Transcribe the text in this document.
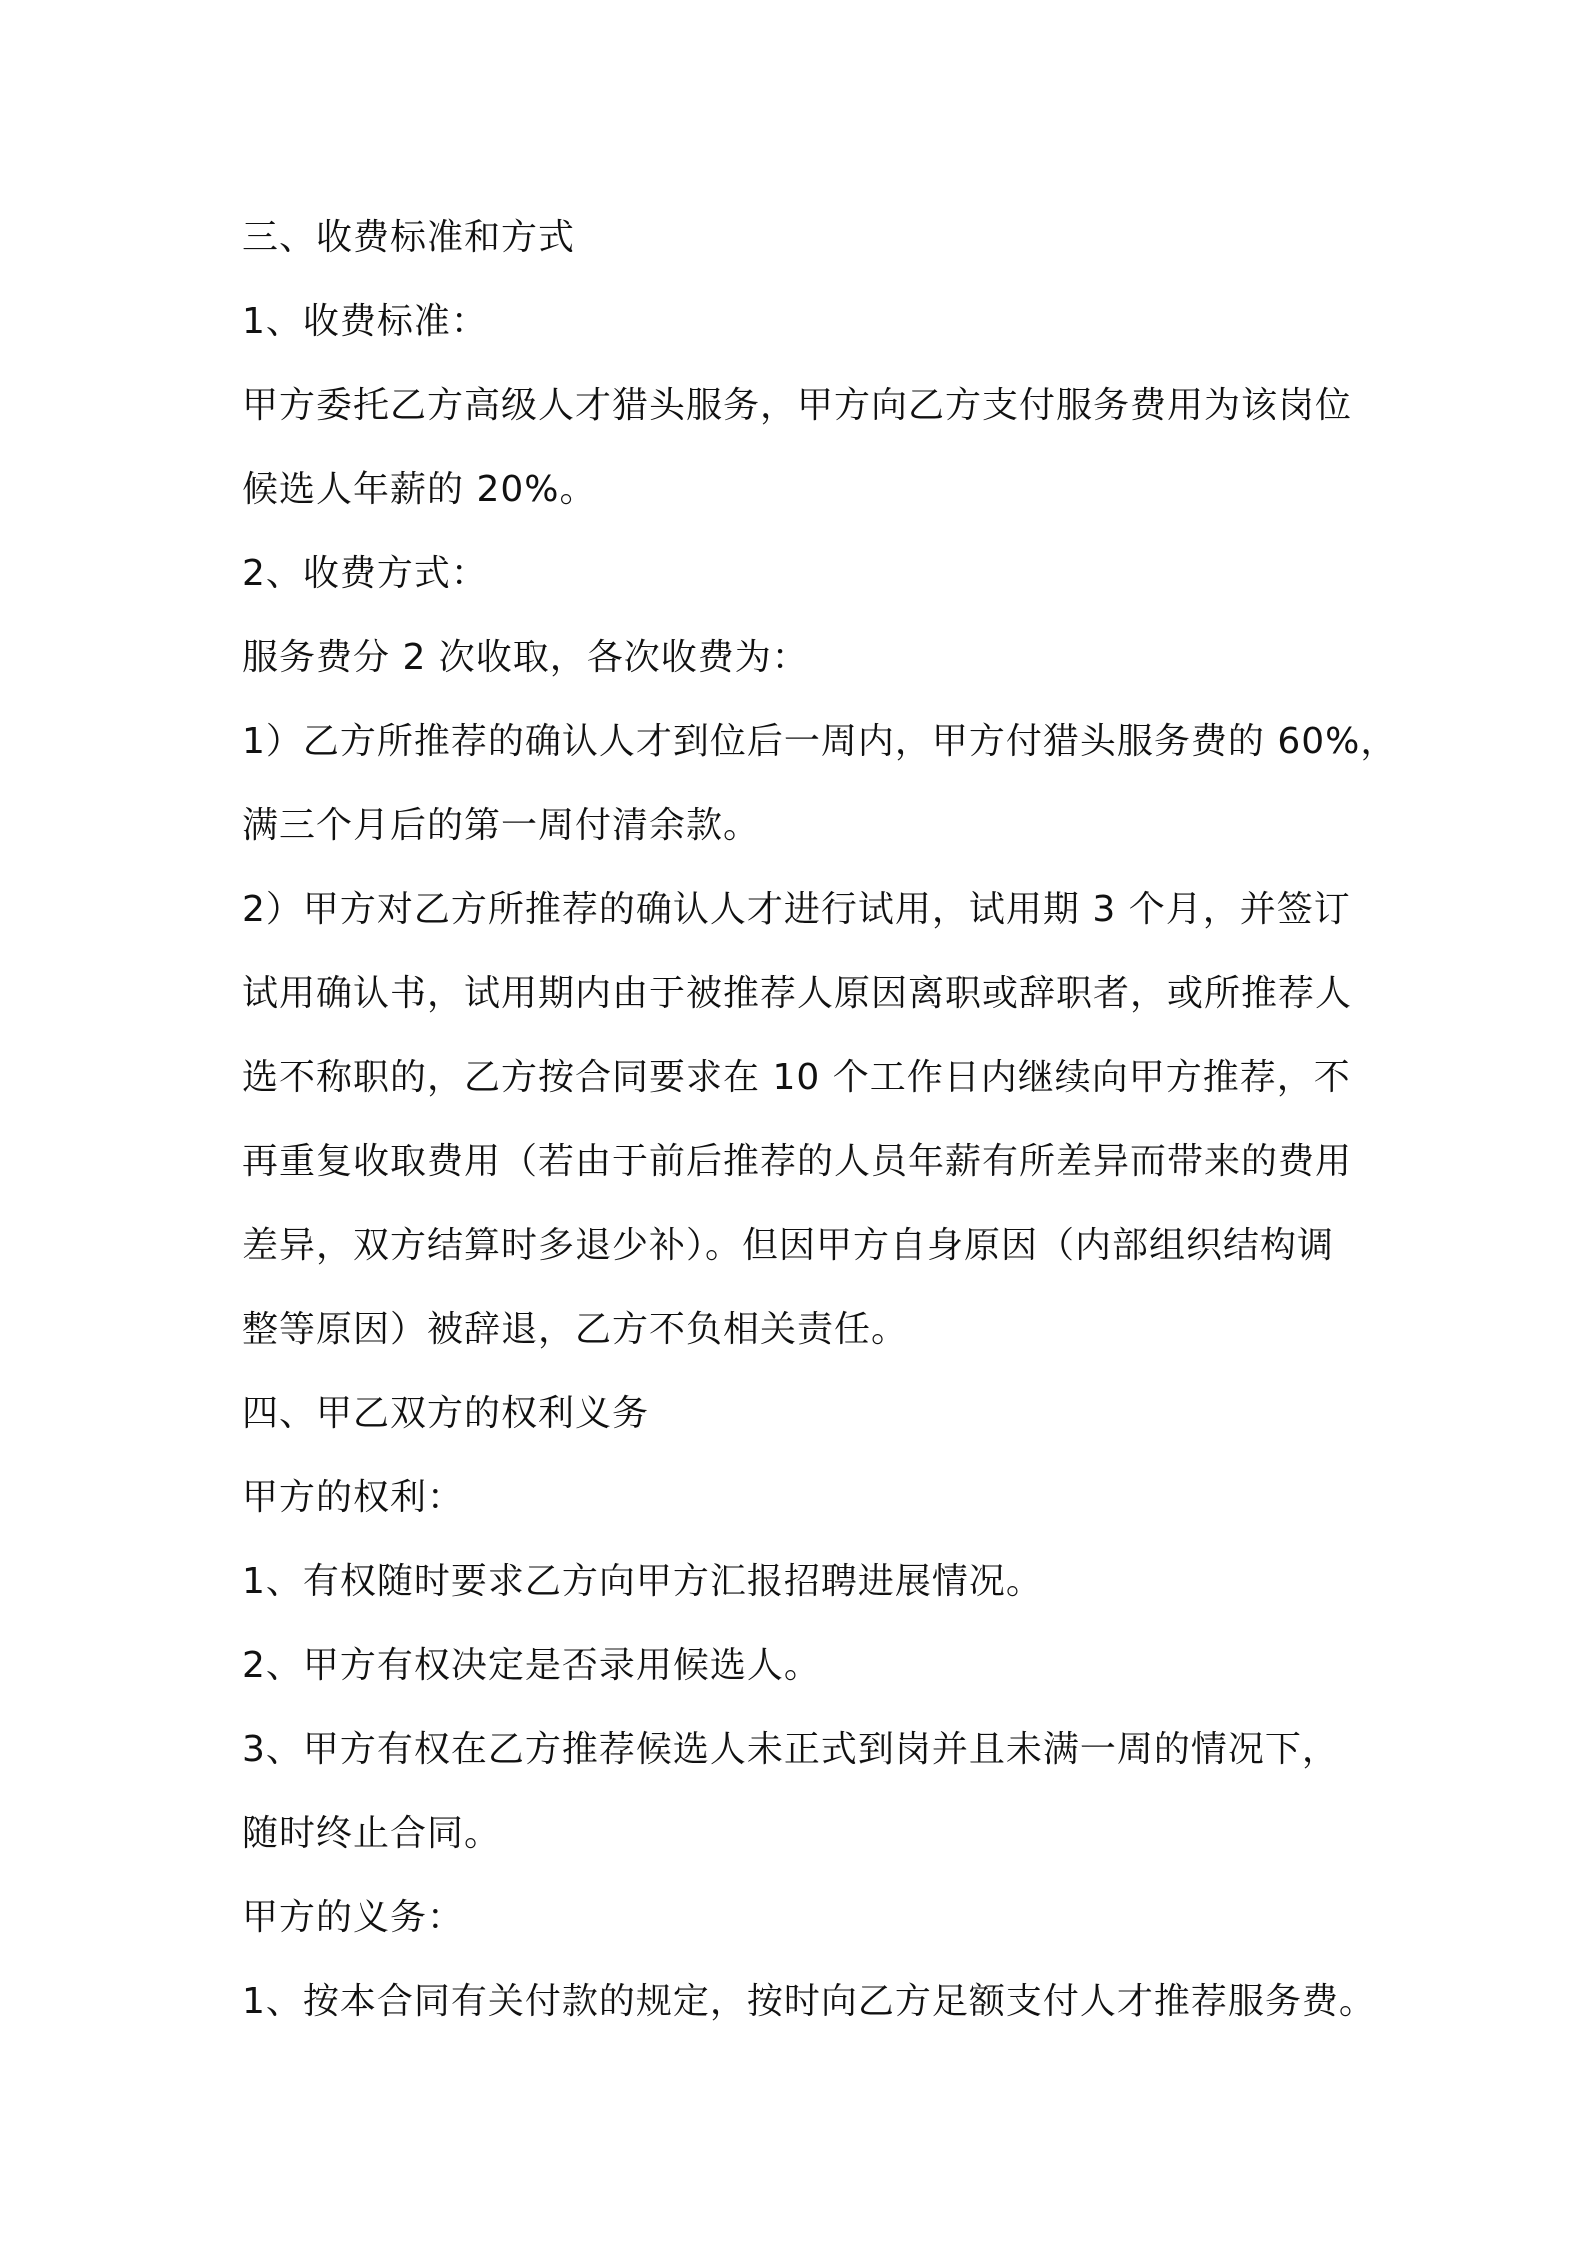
三、收费标准和方式
1、收费标准：
甲方委托乙方高级人才猎头服务，甲方向乙方支付服务费用为该岗位
候选人年薪的 20%。
2、收费方式：
服务费分 2 次收取，各次收费为：
1）乙方所推荐的确认人才到位后一周内，甲方付猎头服务费的 60%，
满三个月后的第一周付清余款。
2）甲方对乙方所推荐的确认人才进行试用，试用期 3 个月，并签订
试用确认书，试用期内由于被推荐人原因离职或辞职者，或所推荐人
选不称职的，乙方按合同要求在 10 个工作日内继续向甲方推荐，不
再重复收取费用（若由于前后推荐的人员年薪有所差异而带来的费用
差异，双方结算时多退少补）。但因甲方自身原因（内部组织结构调
整等原因）被辞退，乙方不负相关责任。
四、甲乙双方的权利义务
甲方的权利：
1、有权随时要求乙方向甲方汇报招聘进展情况。
2、甲方有权决定是否录用候选人。
3、甲方有权在乙方推荐候选人未正式到岗并且未满一周的情况下，
随时终止合同。
甲方的义务：
1、按本合同有关付款的规定，按时向乙方足额支付人才推荐服务费。
